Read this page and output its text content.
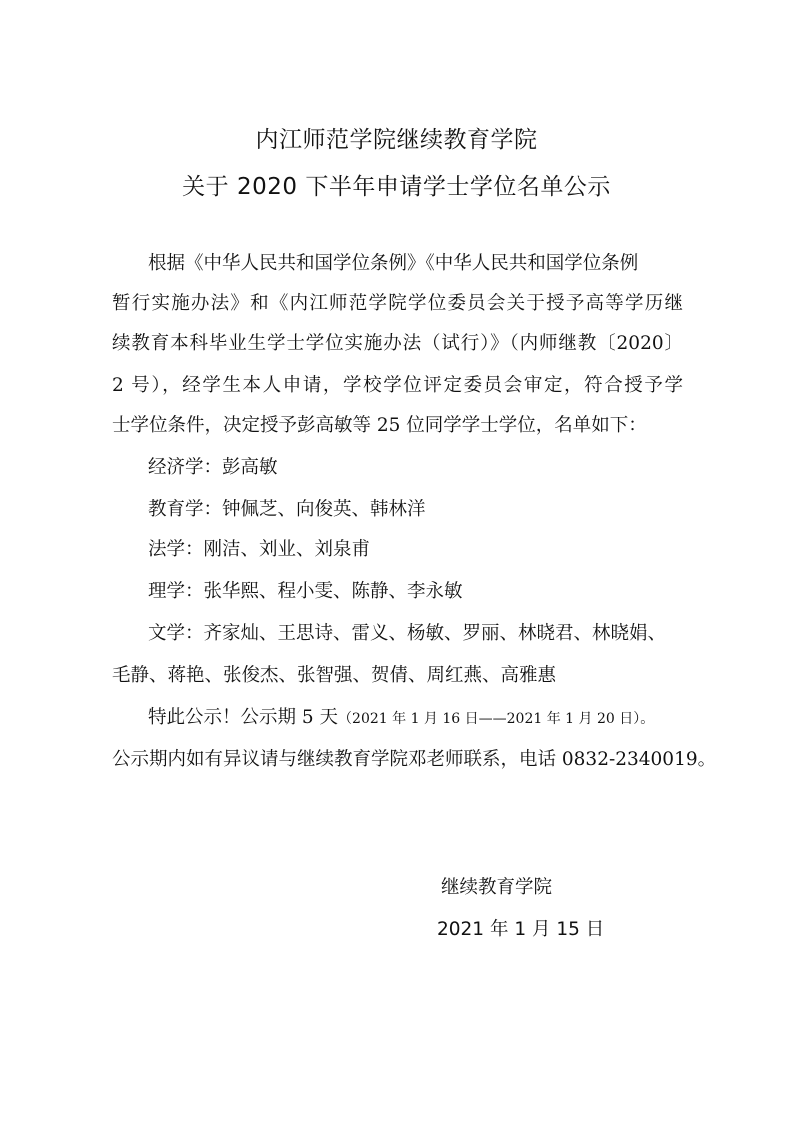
内江师范学院继续教育学院
关于 2020 下半年申请学士学位名单公示
根据《中华人民共和国学位条例》《中华人民共和国学位条例
暂行实施办法》和《内江师范学院学位委员会关于授予高等学历继
续教育本科毕业生学士学位实施办法（试行）》（内师继教〔2020〕
2 号），经学生本人申请，学校学位评定委员会审定，符合授予学
士学位条件，决定授予彭高敏等 25 位同学学士学位，名单如下：
经济学：彭高敏
教育学：钟佩芝、向俊英、韩林洋
法学：刚洁、刘业、刘泉甫
理学：张华熙、程小雯、陈静、李永敏
文学：齐家灿、王思诗、雷义、杨敏、罗丽、林晓君、林晓娟、
毛静、蒋艳、张俊杰、张智强、贺倩、周红燕、高雅惠
特此公示！公示期 5 天（2021 年 1 月 16 日——2021 年 1 月 20 日）。
公示期内如有异议请与继续教育学院邓老师联系，电话 0832-2340019。
继续教育学院
2021 年 1 月 15 日
